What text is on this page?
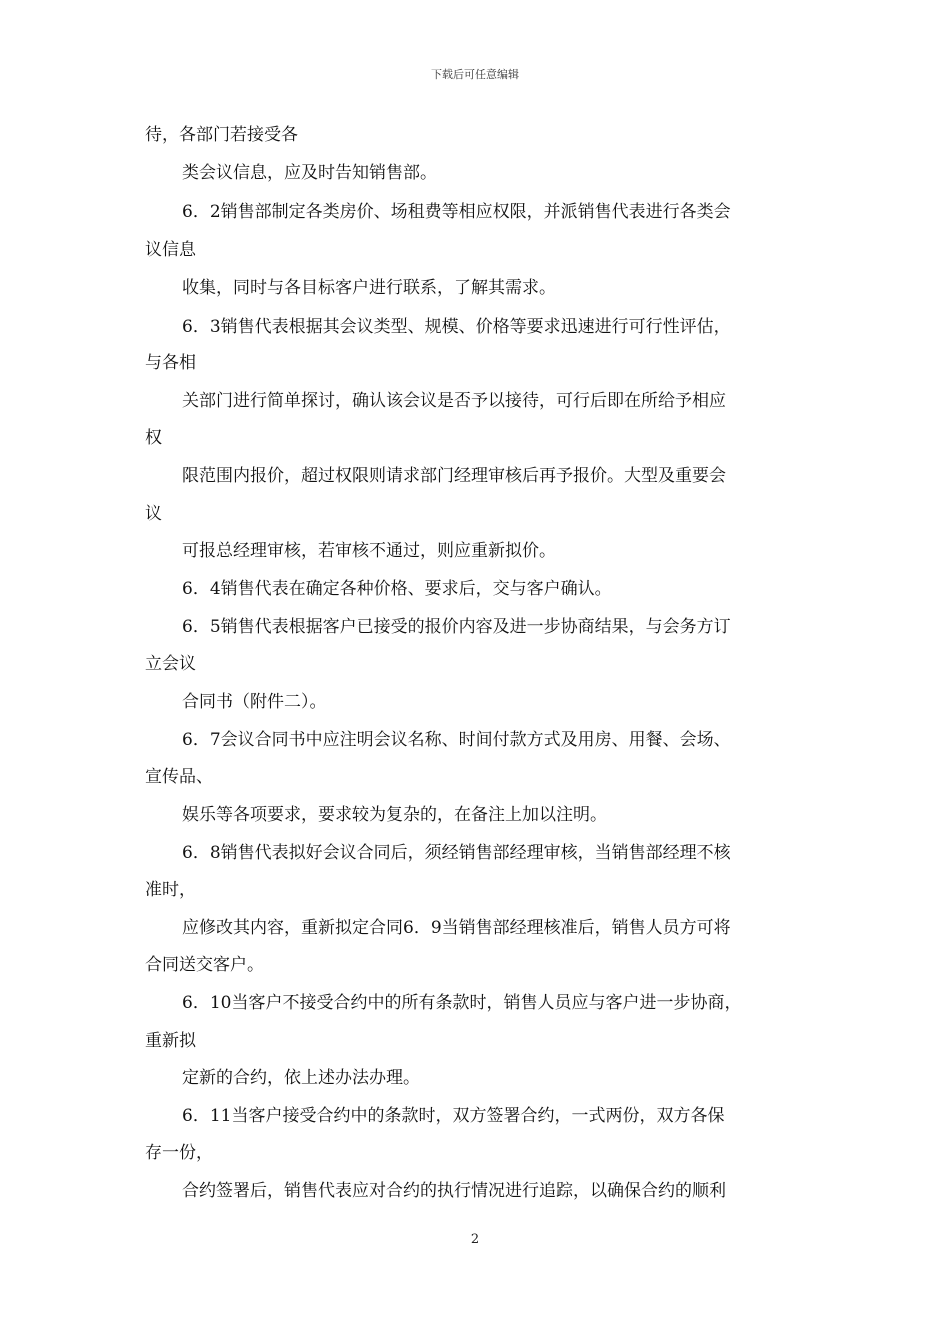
下载后可任意编辑
待，各部门若接受各
类会议信息，应及时告知销售部。
6．2销售部制定各类房价、场租费等相应权限，并派销售代表进行各类会
议信息
收集，同时与各目标客户进行联系，了解其需求。
6．3销售代表根据其会议类型、规模、价格等要求迅速进行可行性评估，
与各相
关部门进行简单探讨，确认该会议是否予以接待，可行后即在所给予相应
权
限范围内报价，超过权限则请求部门经理审核后再予报价。大型及重要会
议
可报总经理审核，若审核不通过，则应重新拟价。
6．4销售代表在确定各种价格、要求后，交与客户确认。
6．5销售代表根据客户已接受的报价内容及进一步协商结果，与会务方订
立会议
合同书（附件二）。
6．7会议合同书中应注明会议名称、时间付款方式及用房、用餐、会场、
宣传品、
娱乐等各项要求，要求较为复杂的，在备注上加以注明。
6．8销售代表拟好会议合同后，须经销售部经理审核，当销售部经理不核
准时，
应修改其内容，重新拟定合同6．9当销售部经理核准后，销售人员方可将
合同送交客户。
6．10当客户不接受合约中的所有条款时，销售人员应与客户进一步协商，
重新拟
定新的合约，依上述办法办理。
6．11当客户接受合约中的条款时，双方签署合约，一式两份，双方各保
存一份，
合约签署后，销售代表应对合约的执行情况进行追踪，以确保合约的顺利
2
